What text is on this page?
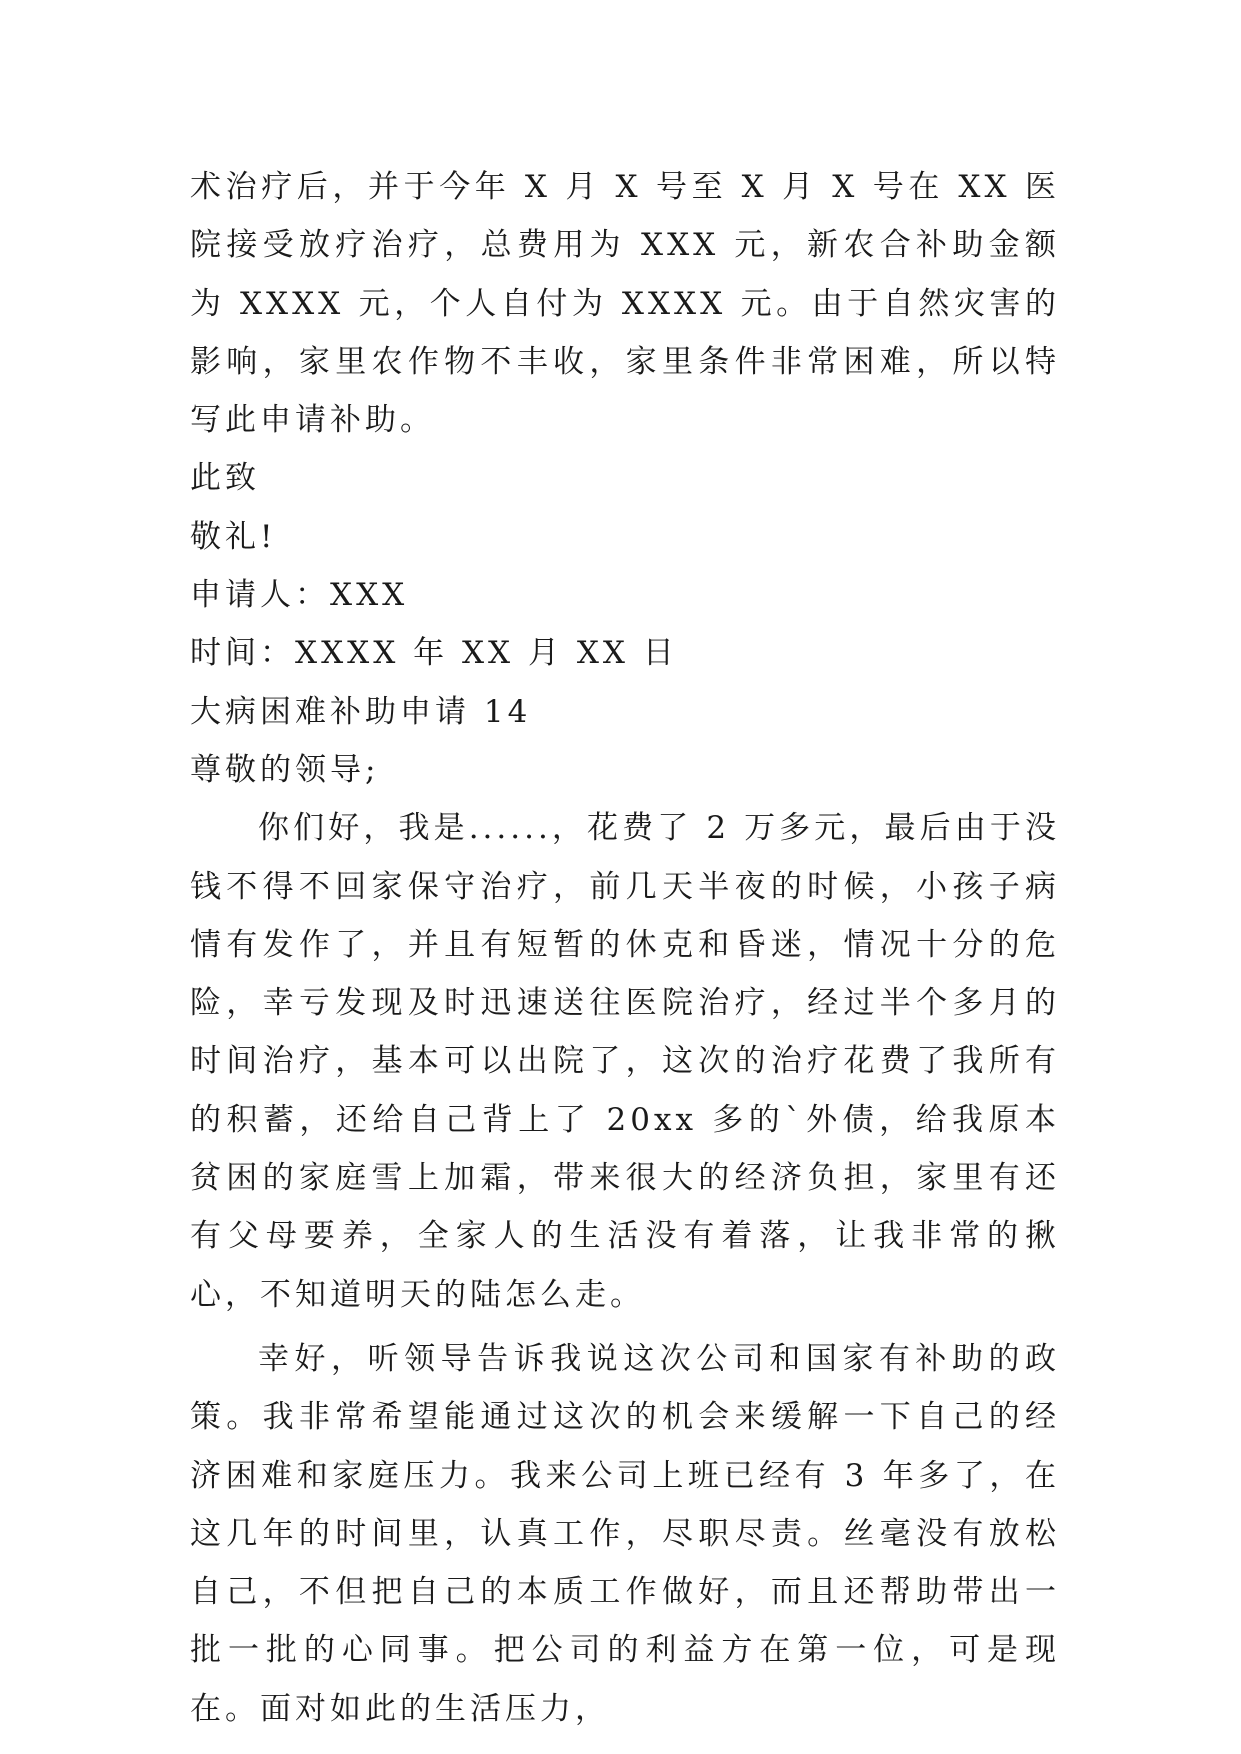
术治疗后，并于今年 X 月 X 号至 X 月 X 号在 XX 医院接受放疗治疗，总费用为 XXX 元，新农合补助金额为 XXXX 元，个人自付为 XXXX 元。由于自然灾害的影响，家里农作物不丰收，家里条件非常困难，所以特写此申请补助。

此致

敬礼!

申请人：XXX

时间：XXXX 年 XX 月 XX 日

大病困难补助申请 14

尊敬的领导;

你们好，我是......，花费了 2 万多元，最后由于没钱不得不回家保守治疗，前几天半夜的时候，小孩子病情有发作了，并且有短暂的休克和昏迷，情况十分的危险，幸亏发现及时迅速送往医院治疗，经过半个多月的时间治疗，基本可以出院了，这次的治疗花费了我所有的积蓄，还给自己背上了 20xx 多的`外债，给我原本贫困的家庭雪上加霜，带来很大的经济负担，家里有还有父母要养，全家人的生活没有着落，让我非常的揪心，不知道明天的陆怎么走。

幸好，听领导告诉我说这次公司和国家有补助的政策。我非常希望能通过这次的机会来缓解一下自己的经济困难和家庭压力。我来公司上班已经有 3 年多了，在这几年的时间里，认真工作，尽职尽责。丝毫没有放松自己，不但把自己的本质工作做好，而且还帮助带出一批一批的心同事。把公司的利益方在第一位，可是现在。面对如此的生活压力，
